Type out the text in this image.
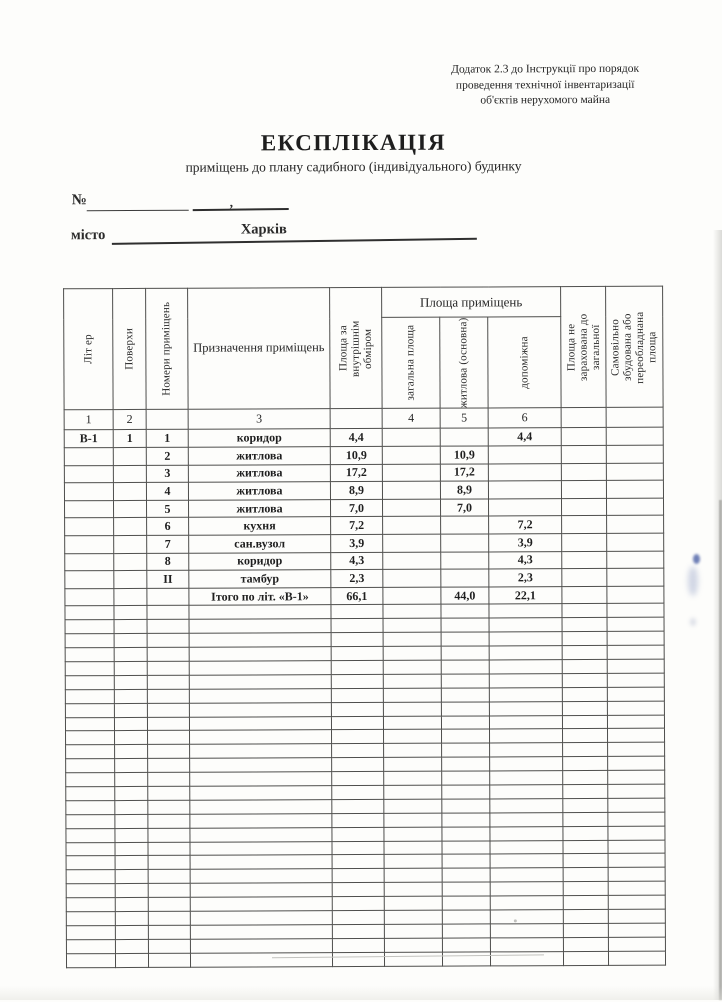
Додаток 2.3 до Інструкції про порядок
проведення технічної інвентаризації
об'єктів нерухомого майна
ЕКСПЛІКАЦІЯ
приміщень до плану садибного (індивідуального) будинку
№	,
місто	Харків
Літ ер	Поверхи	Номери приміщень	Призначення приміщень	Площа за внутрішнім обміром	Площа приміщень			Площа не зарахована до загальної	Самовільно збудована або переобладнана площа

					загальна площа	житлова (основна)	допоміжна		

1	2		3		4	5	6		
В-1	1	1	коридор	4,4			4,4		
		2	житлова	10,9		10,9			
		3	житлова	17,2		17,2			
		4	житлова	8,9		8,9			
		5	житлова	7,0		7,0			
		6	кухня	7,2			7,2		
		7	сан.вузол	3,9			3,9		
		8	коридор	4,3			4,3		
		ІІ	тамбур	2,3			2,3		
			Ітого по літ. «В-1»	66,1		44,0	22,1		
